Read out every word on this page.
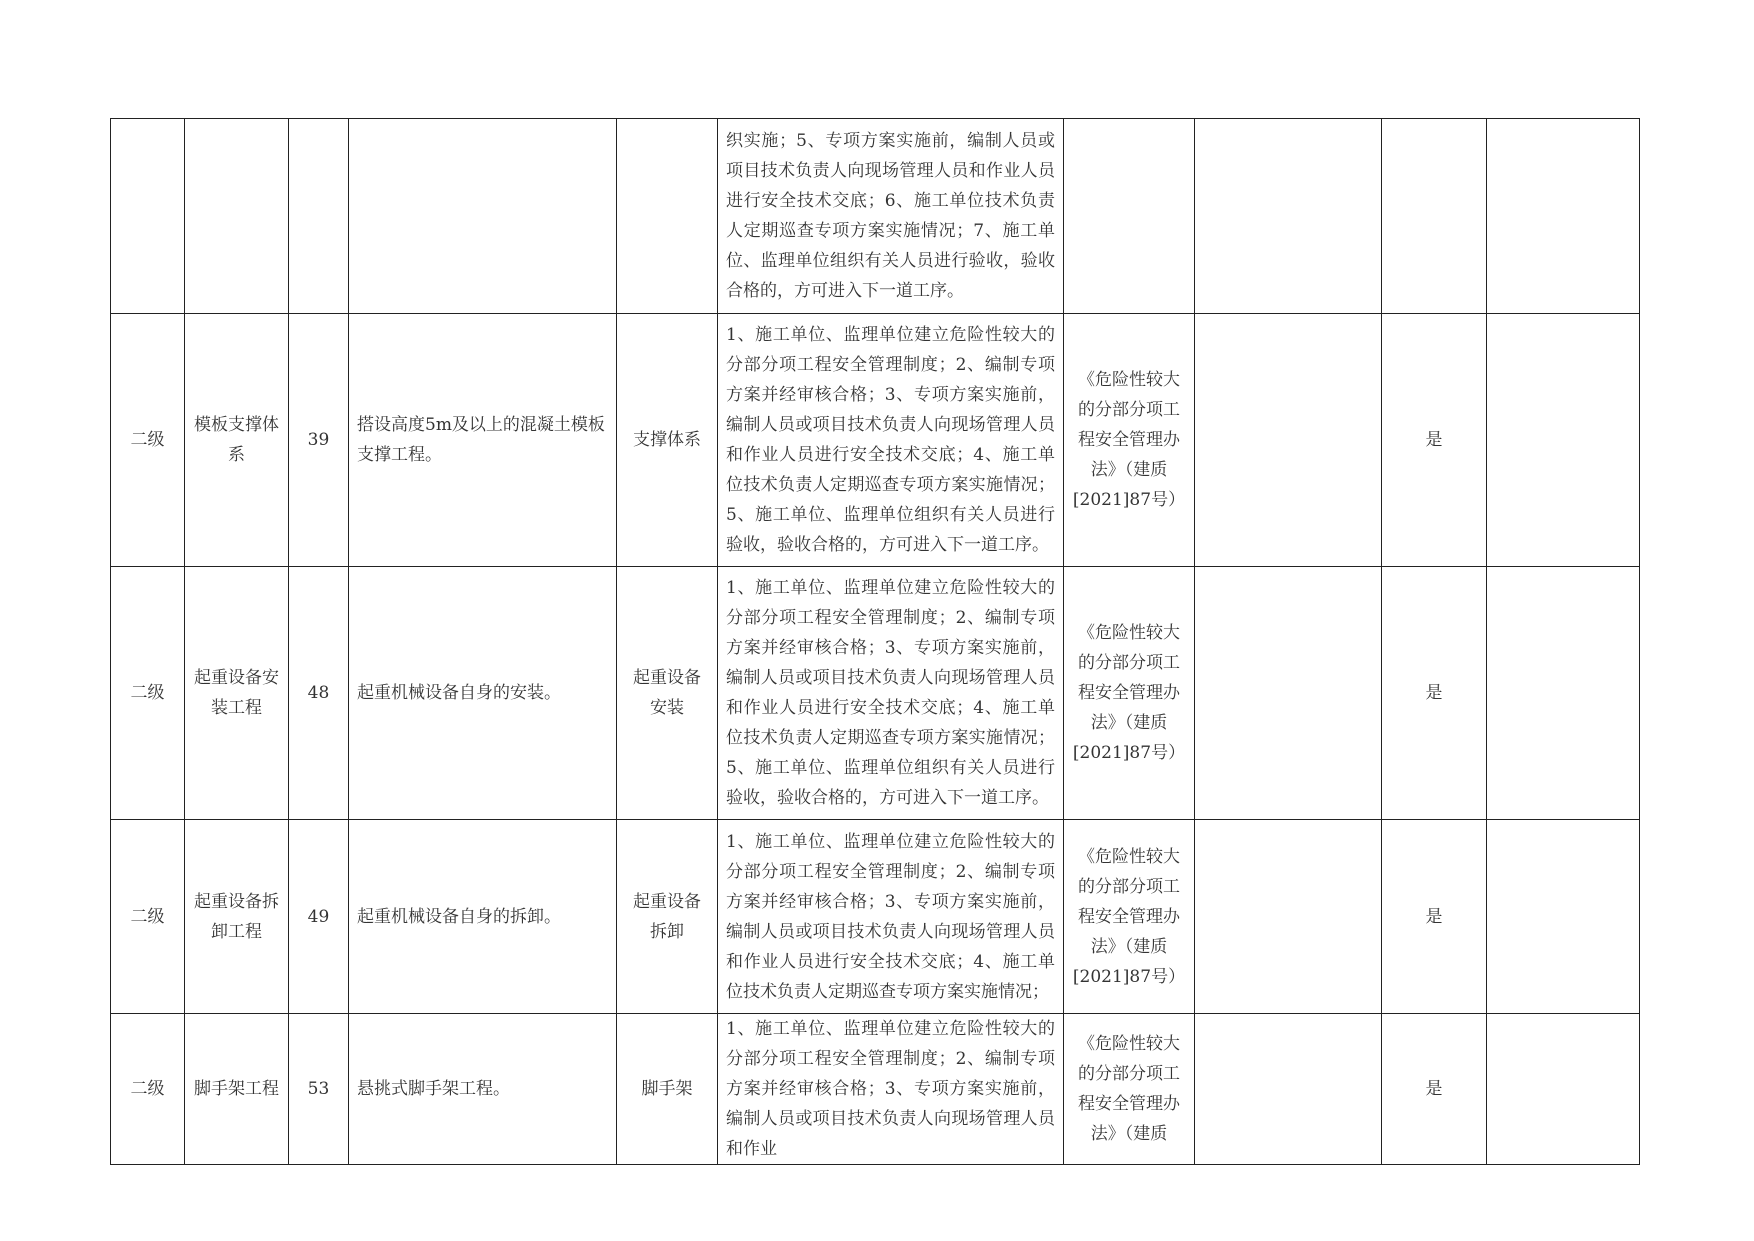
					织实施；5、专项方案实施前，编制人员或项目技术负责人向现场管理人员和作业人员进行安全技术交底；6、施工单位技术负责人定期巡查专项方案实施情况；7、施工单位、监理单位组织有关人员进行验收，验收合格的，方可进入下一道工序。				
二级	模板支撑体系	39	搭设高度5m及以上的混凝土模板支撑工程。	支撑体系	1、施工单位、监理单位建立危险性较大的分部分项工程安全管理制度；2、编制专项方案并经审核合格；3、专项方案实施前，编制人员或项目技术负责人向现场管理人员和作业人员进行安全技术交底；4、施工单位技术负责人定期巡查专项方案实施情况；5、施工单位、监理单位组织有关人员进行验收，验收合格的，方可进入下一道工序。	《危险性较大的分部分项工程安全管理办法》（建质[2021]87号）		是	
二级	起重设备安装工程	48	起重机械设备自身的安装。	起重设备安装	1、施工单位、监理单位建立危险性较大的分部分项工程安全管理制度；2、编制专项方案并经审核合格；3、专项方案实施前，编制人员或项目技术负责人向现场管理人员和作业人员进行安全技术交底；4、施工单位技术负责人定期巡查专项方案实施情况；5、施工单位、监理单位组织有关人员进行验收，验收合格的，方可进入下一道工序。	《危险性较大的分部分项工程安全管理办法》（建质[2021]87号）		是	
二级	起重设备拆卸工程	49	起重机械设备自身的拆卸。	起重设备拆卸	1、施工单位、监理单位建立危险性较大的分部分项工程安全管理制度；2、编制专项方案并经审核合格；3、专项方案实施前，编制人员或项目技术负责人向现场管理人员和作业人员进行安全技术交底；4、施工单位技术负责人定期巡查专项方案实施情况；	《危险性较大的分部分项工程安全管理办法》（建质[2021]87号）		是	
二级	脚手架工程	53	悬挑式脚手架工程。	脚手架	1、施工单位、监理单位建立危险性较大的分部分项工程安全管理制度；2、编制专项方案并经审核合格；3、专项方案实施前，编制人员或项目技术负责人向现场管理人员和作业	《危险性较大的分部分项工程安全管理办法》（建质		是	
